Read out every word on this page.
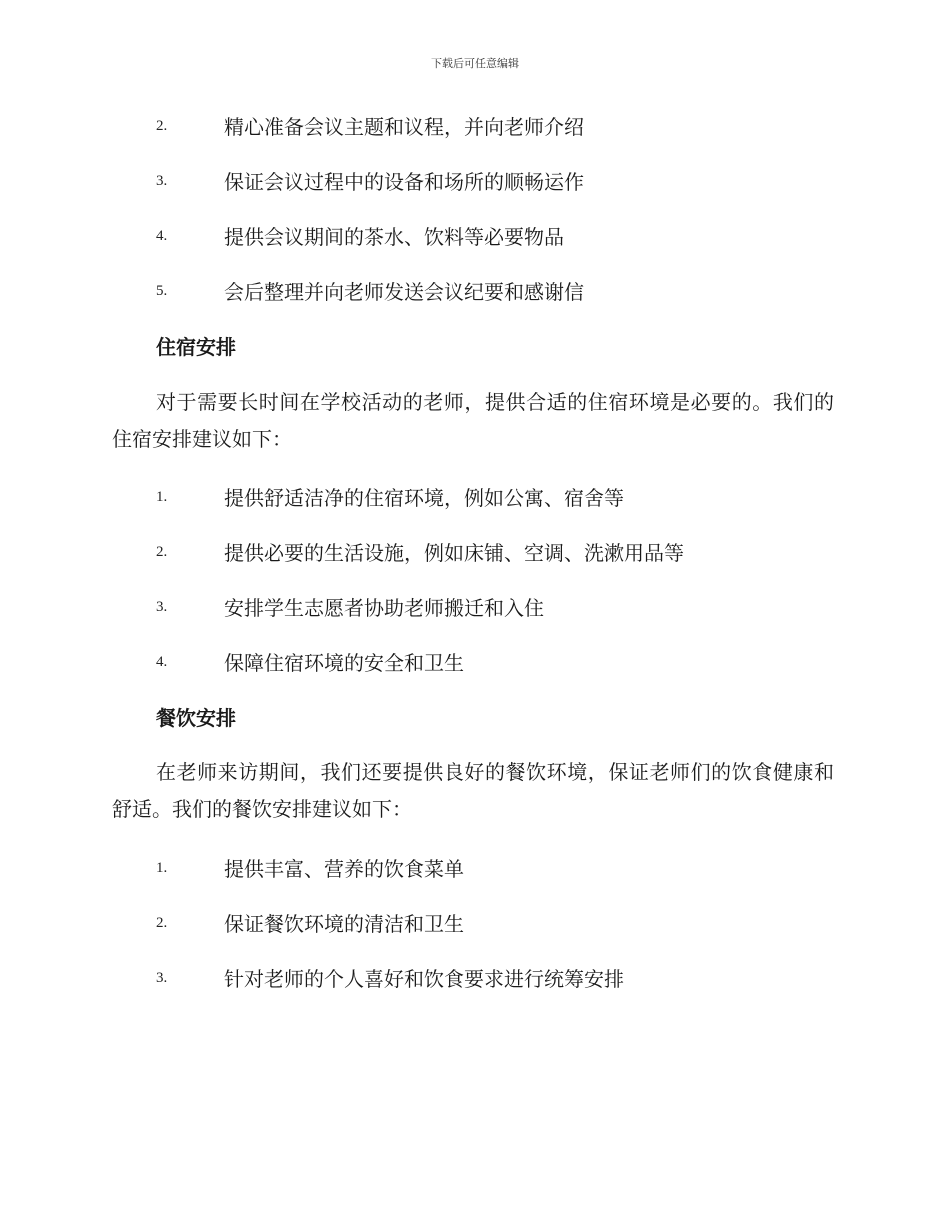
下载后可任意编辑
2.	精心准备会议主题和议程，并向老师介绍
3.	保证会议过程中的设备和场所的顺畅运作
4.	提供会议期间的茶水、饮料等必要物品
5.	会后整理并向老师发送会议纪要和感谢信
住宿安排
对于需要长时间在学校活动的老师，提供合适的住宿环境是必要的。我们的住宿安排建议如下：
1.	提供舒适洁净的住宿环境，例如公寓、宿舍等
2.	提供必要的生活设施，例如床铺、空调、洗漱用品等
3.	安排学生志愿者协助老师搬迁和入住
4.	保障住宿环境的安全和卫生
餐饮安排
在老师来访期间，我们还要提供良好的餐饮环境，保证老师们的饮食健康和舒适。我们的餐饮安排建议如下：
1.	提供丰富、营养的饮食菜单
2.	保证餐饮环境的清洁和卫生
3.	针对老师的个人喜好和饮食要求进行统筹安排
